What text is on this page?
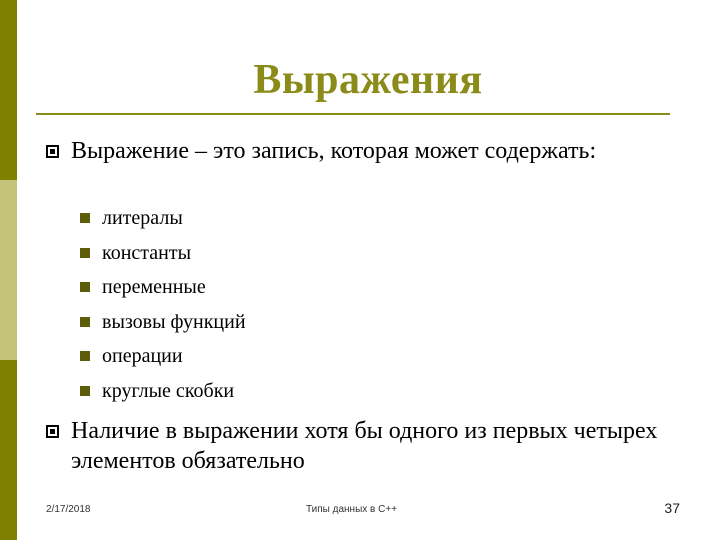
Выражения
Выражение – это запись, которая может содержать:
литералы
константы
переменные
вызовы функций
операции
круглые скобки
Наличие в выражении хотя бы одного из первых четырех элементов обязательно
2/17/2018	Типы данных в С++	37
